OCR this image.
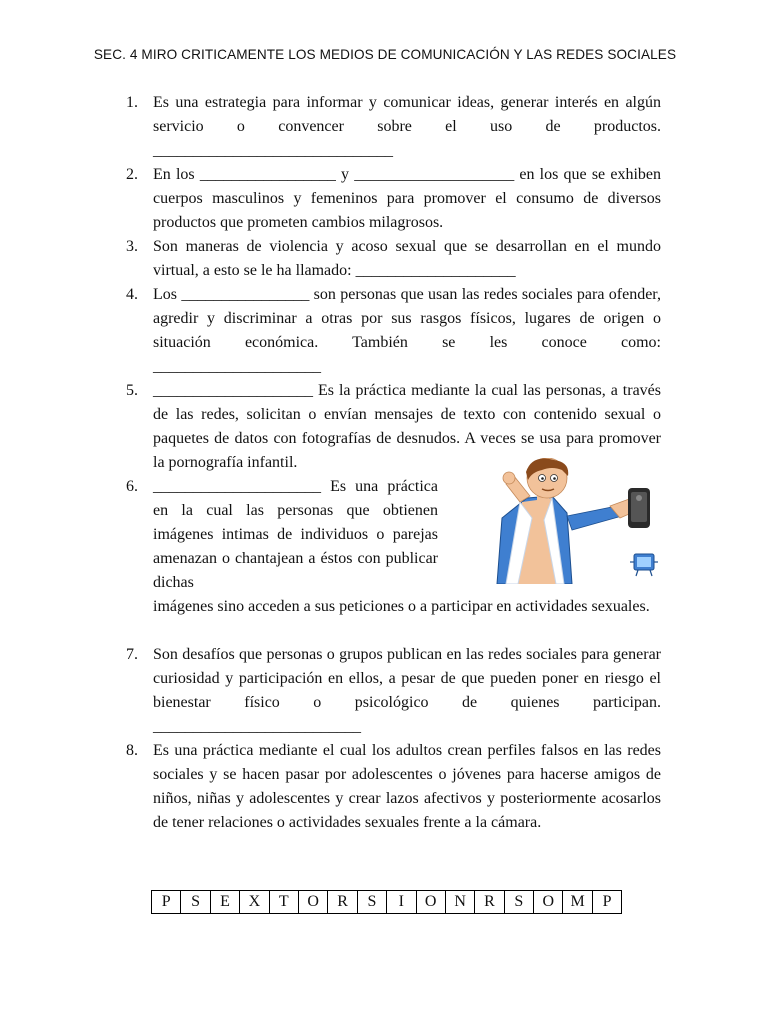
SEC. 4 MIRO CRITICAMENTE LOS MEDIOS DE COMUNICACIÓN Y LAS REDES SOCIALES
1. Es una estrategia para informar y comunicar ideas, generar interés en algún servicio o convencer sobre el uso de productos.
______________________________
2. En los _________________ y ____________________ en los que se exhiben cuerpos masculinos y femeninos para promover el consumo de diversos productos que prometen cambios milagrosos.
3. Son maneras de violencia y acoso sexual que se desarrollan en el mundo virtual, a esto se le ha llamado: ____________________
4. Los ________________ son personas que usan las redes sociales para ofender, agredir y discriminar a otras por sus rasgos físicos, lugares de origen o situación económica. También se les conoce como:
_____________________
5. ____________________ Es la práctica mediante la cual las personas, a través de las redes, solicitan o envían mensajes de texto con contenido sexual o paquetes de datos con fotografías de desnudos. A veces se usa para promover la pornografía infantil.
6. _____________________ Es una práctica en la cual las personas que obtienen imágenes intimas de individuos o parejas amenazan o chantajean a éstos con publicar dichas
imágenes sino acceden a sus peticiones o a participar en actividades sexuales.
7. Son desafíos que personas o grupos publican en las redes sociales para generar curiosidad y participación en ellos, a pesar de que pueden poner en riesgo el bienestar físico o psicológico de quienes participan.
__________________________
8. Es una práctica mediante el cual los adultos crean perfiles falsos en las redes sociales y se hacen pasar por adolescentes o jóvenes para hacerse amigos de niños, niñas y adolescentes y crear lazos afectivos y posteriormente acosarlos de tener relaciones o actividades sexuales frente a la cámara.
P	S	E	X	T	O	R	S	I	O	N	R	S	O	M	P
